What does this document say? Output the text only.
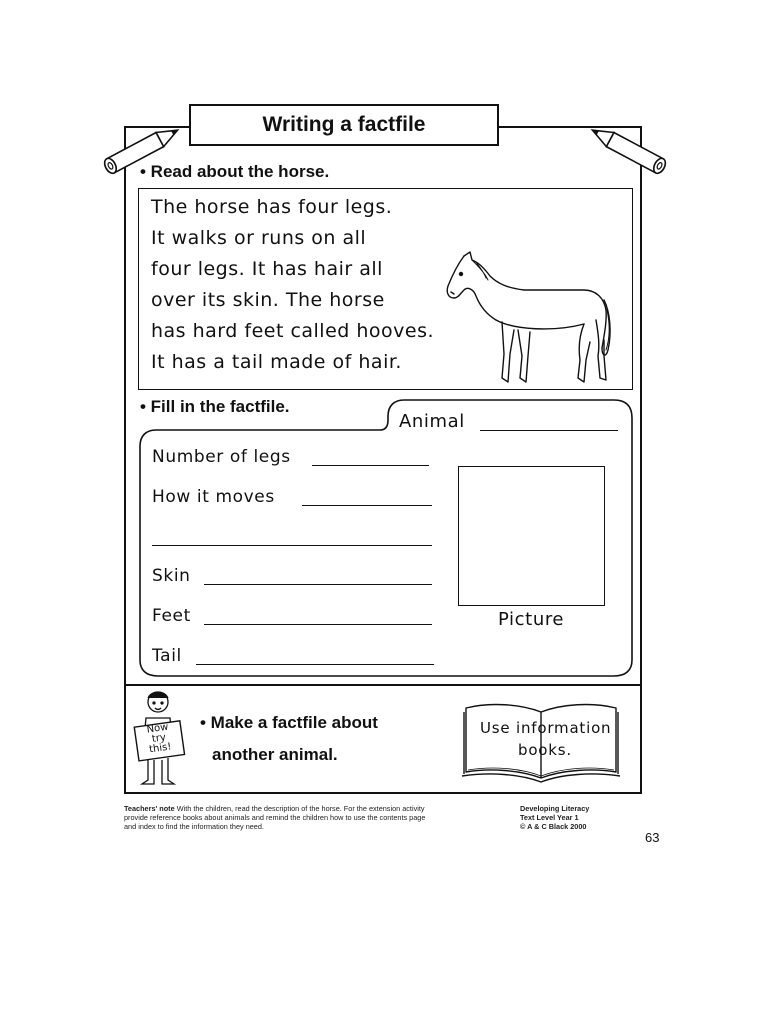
Writing a factfile
• Read about the horse.
The horse has four legs.
It walks or runs on all
four legs. It has hair all
over its skin. The horse
has hard feet called hooves.
It has a tail made of hair.
• Fill in the factfile.
Animal
Number of legs
How it moves
Skin
Feet
Tail
Picture
Now
try
this!
• Make a factfile about
another animal.
Use information
books.
Teachers' note With the children, read the description of the horse. For the extension activity
provide reference books about animals and remind the children how to use the contents page
and index to find the information they need.
Developing Literacy
Text Level Year 1
© A & C Black 2000
63
